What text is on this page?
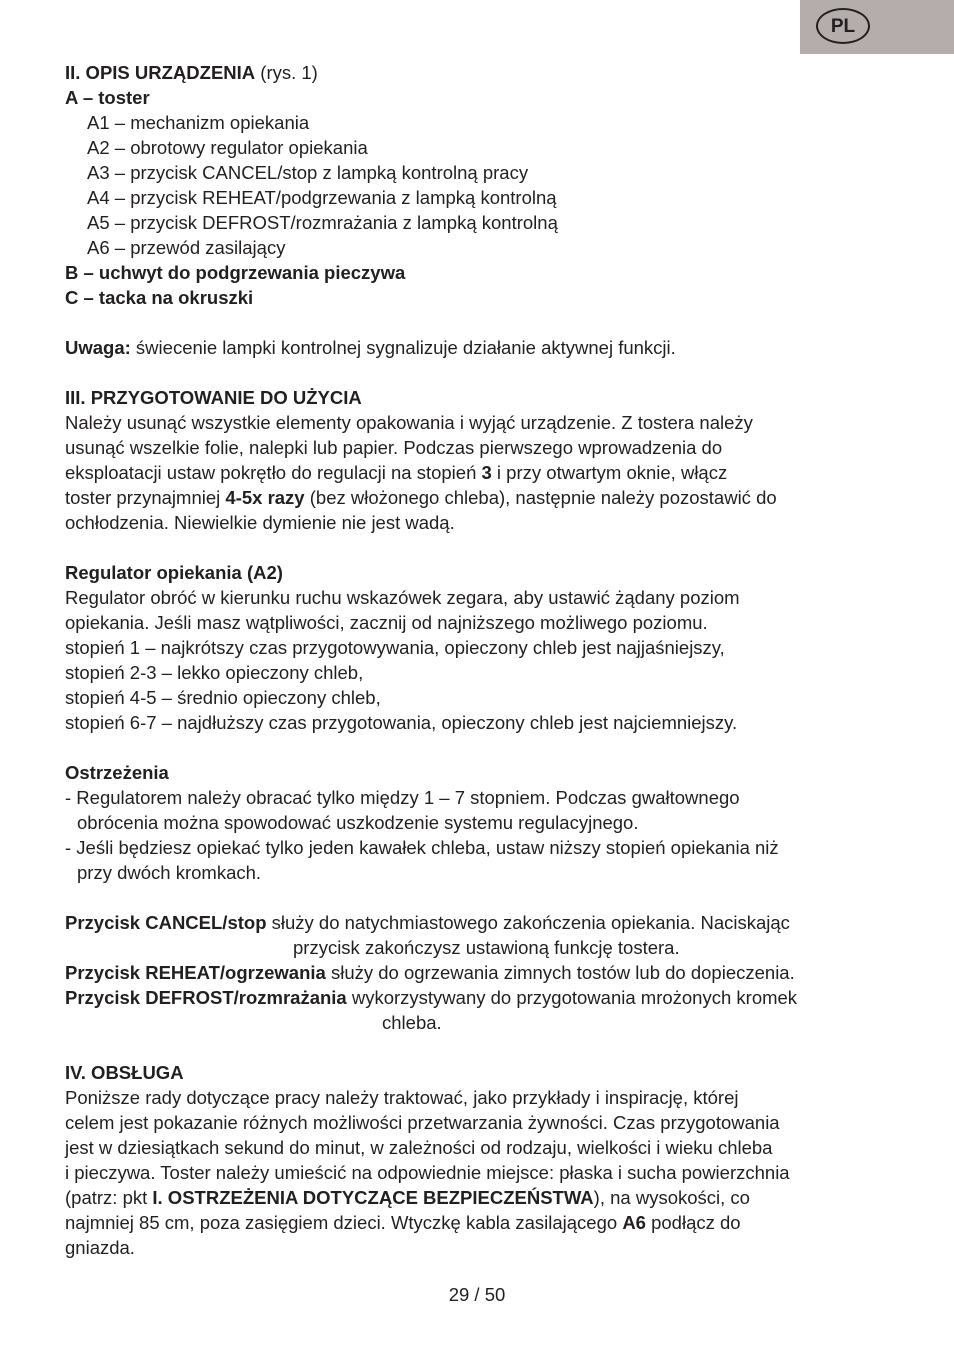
PL
II. OPIS URZĄDZENIA (rys. 1)
A – toster
A1 – mechanizm opiekania
A2 – obrotowy regulator opiekania
A3 – przycisk CANCEL/stop z lampką kontrolną pracy
A4 – przycisk REHEAT/podgrzewania z lampką kontrolną
A5 – przycisk DEFROST/rozmrażania z lampką kontrolną
A6 – przewód zasilający
B – uchwyt do podgrzewania pieczywa
C – tacka na okruszki
Uwaga: świecenie lampki kontrolnej sygnalizuje działanie aktywnej funkcji.
III. PRZYGOTOWANIE DO UŻYCIA
Należy usunąć wszystkie elementy opakowania i wyjąć urządzenie. Z tostera należy
usunąć wszelkie folie, nalepki lub papier. Podczas pierwszego wprowadzenia do
eksploatacji ustaw pokrętło do regulacji na stopień 3 i przy otwartym oknie, włącz
toster przynajmniej 4-5x razy (bez włożonego chleba), następnie należy pozostawić do
ochłodzenia. Niewielkie dymienie nie jest wadą.
Regulator opiekania (A2)
Regulator obróć w kierunku ruchu wskazówek zegara, aby ustawić żądany poziom
opiekania. Jeśli masz wątpliwości, zacznij od najniższego możliwego poziomu.
stopień 1 – najkrótszy czas przygotowywania, opieczony chleb jest najjaśniejszy,
stopień 2-3 – lekko opieczony chleb,
stopień 4-5 – średnio opieczony chleb,
stopień 6-7 – najdłuższy czas przygotowania, opieczony chleb jest najciemniejszy.
Ostrzeżenia
- Regulatorem należy obracać tylko między 1 – 7 stopniem. Podczas gwałtownego
obrócenia można spowodować uszkodzenie systemu regulacyjnego.
- Jeśli będziesz opiekać tylko jeden kawałek chleba, ustaw niższy stopień opiekania niż
przy dwóch kromkach.
Przycisk CANCEL/stop służy do natychmiastowego zakończenia opiekania. Naciskając
przycisk zakończysz ustawioną funkcję tostera.
Przycisk REHEAT/ogrzewania służy do ogrzewania zimnych tostów lub do dopieczenia.
Przycisk DEFROST/rozmrażania wykorzystywany do przygotowania mrożonych kromek
chleba.
IV. OBSŁUGA
Poniższe rady dotyczące pracy należy traktować, jako przykłady i inspirację, której
celem jest pokazanie różnych możliwości przetwarzania żywności. Czas przygotowania
jest w dziesiątkach sekund do minut, w zależności od rodzaju, wielkości i wieku chleba
i pieczywa. Toster należy umieścić na odpowiednie miejsce: płaska i sucha powierzchnia
(patrz: pkt I. OSTRZEŻENIA DOTYCZĄCE BEZPIECZEŃSTWA), na wysokości, co
najmniej 85 cm, poza zasięgiem dzieci. Wtyczkę kabla zasilającego A6 podłącz do
gniazda.
29 / 50
